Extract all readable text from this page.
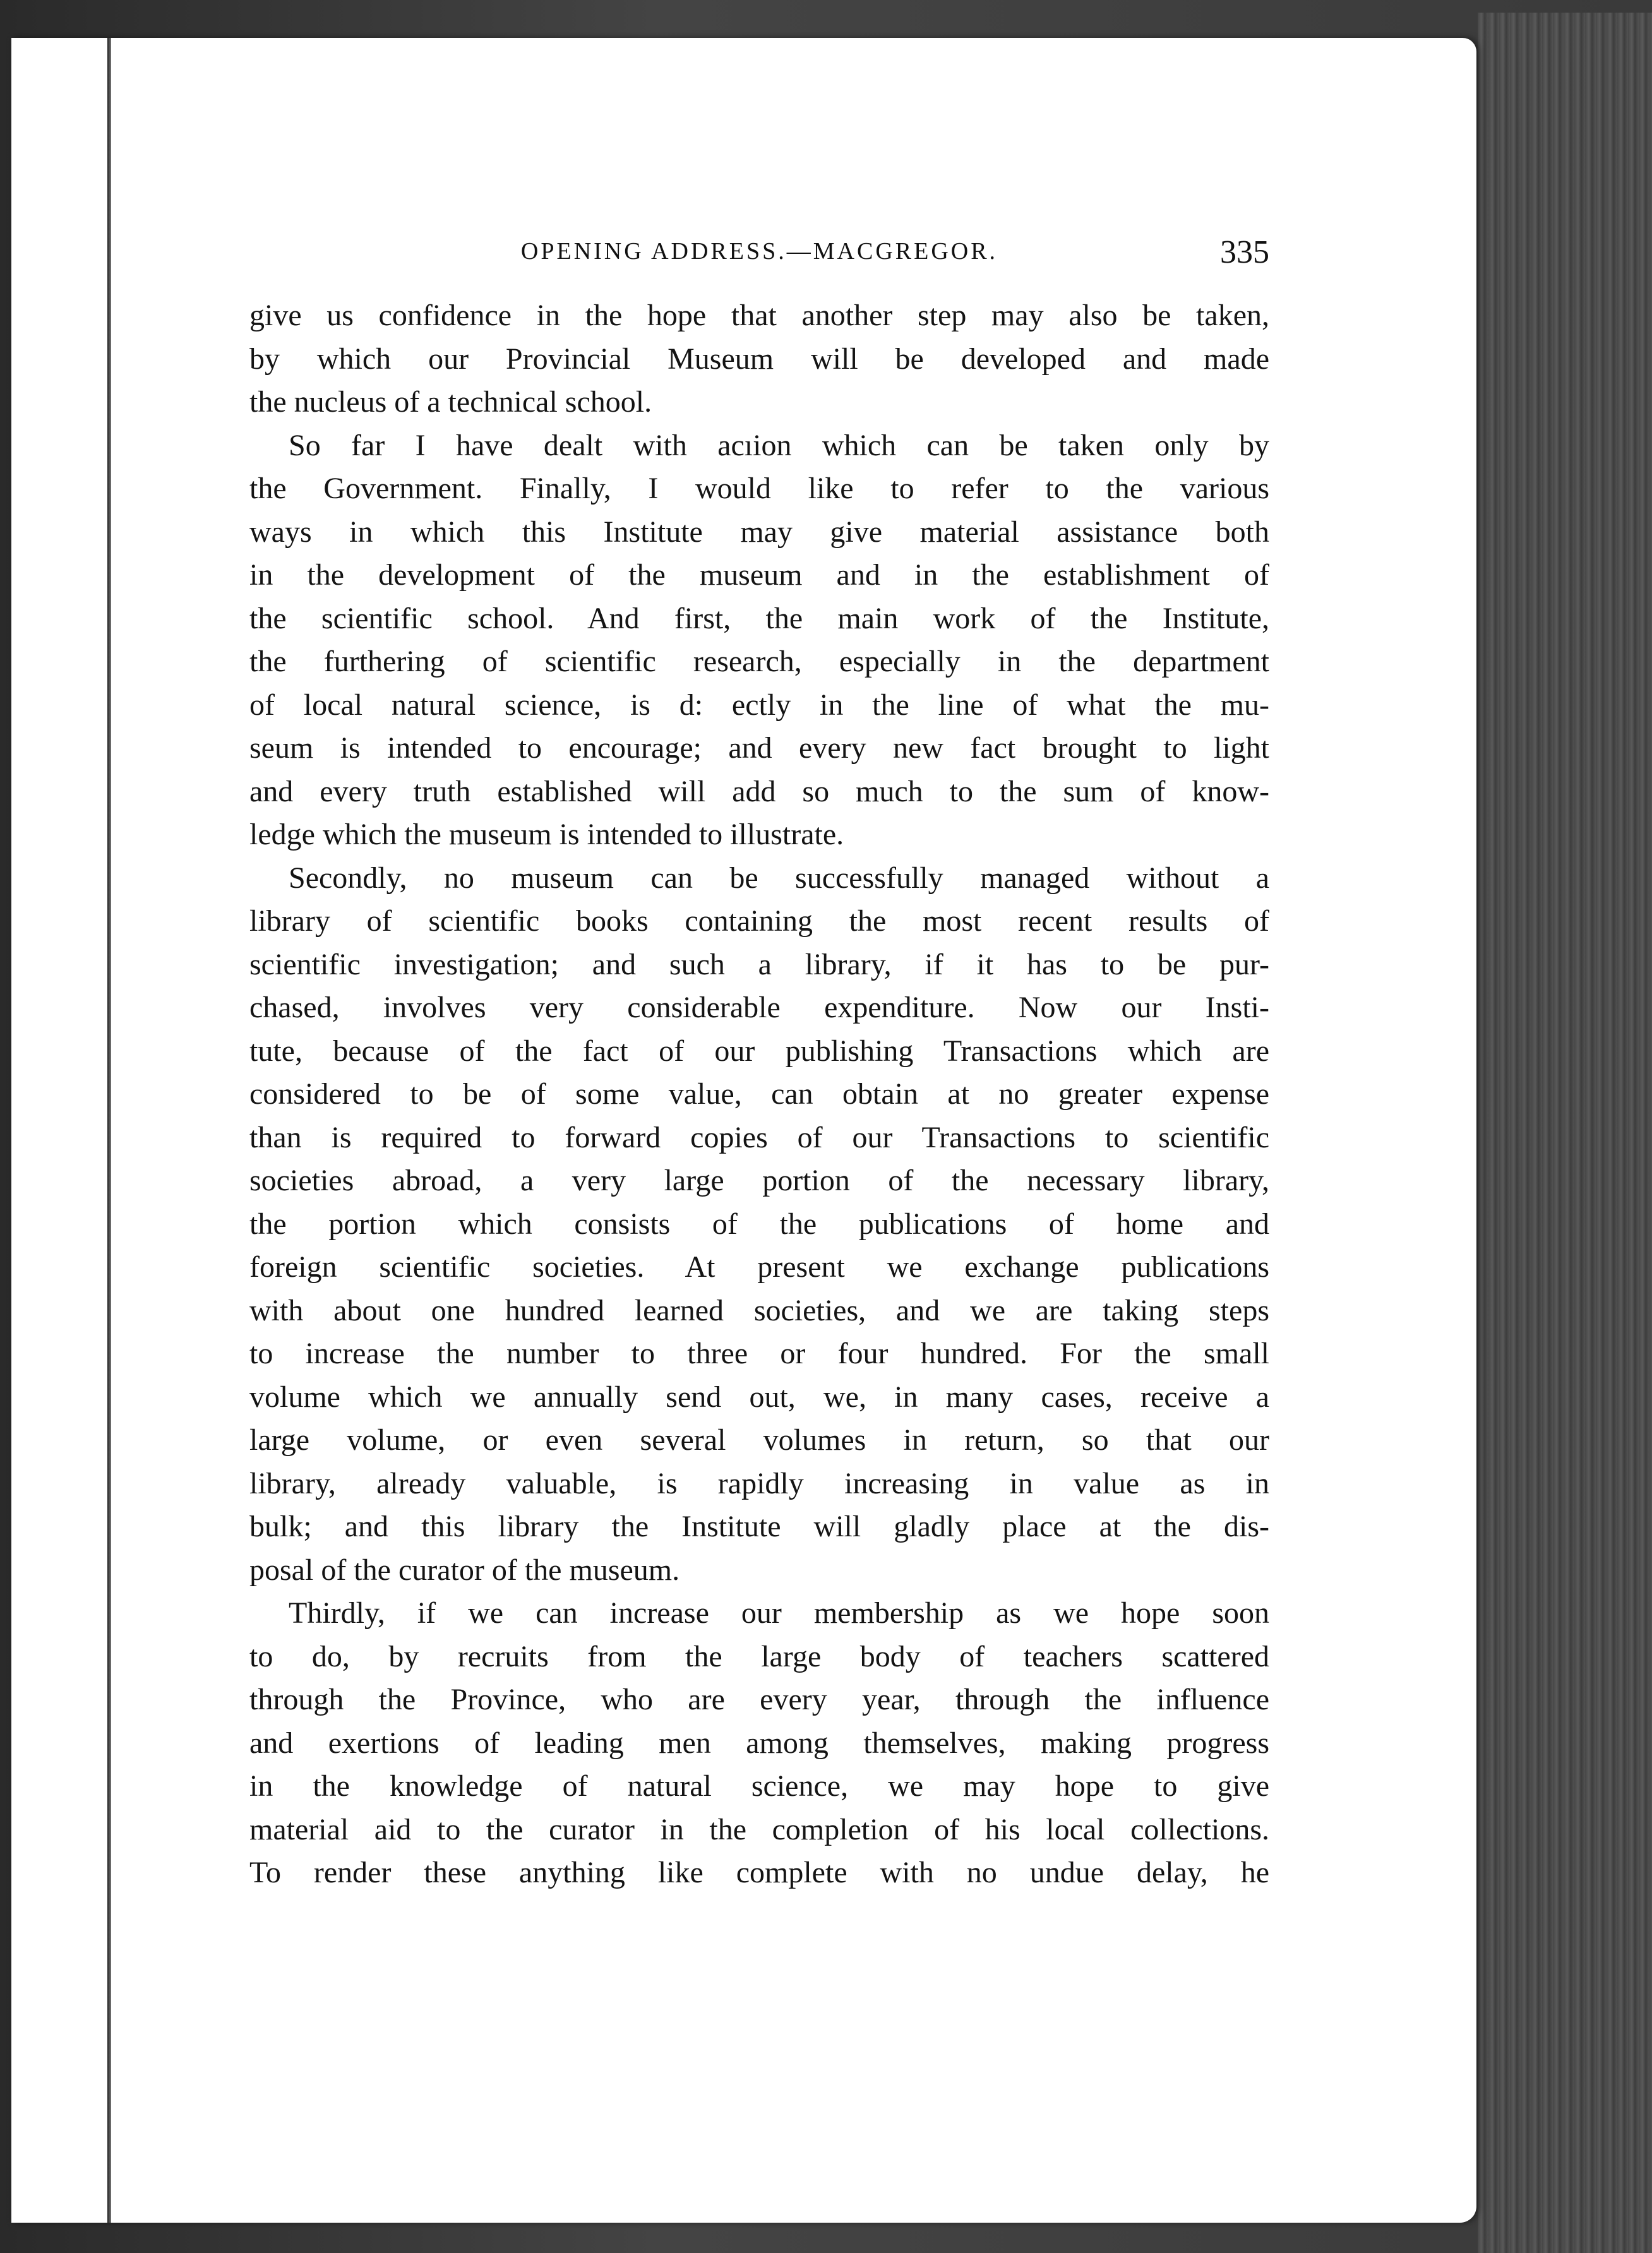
OPENING ADDRESS.—MACGREGOR.	335
give us confidence in the hope that another step may also be taken,
by which our Provincial Museum will be developed and made
the nucleus of a technical school.
So far I have dealt with acıion which can be taken only by
the Government. Finally, I would like to refer to the various
ways in which this Institute may give material assistance both
in the development of the museum and in the establishment of
the scientific school. And first, the main work of the Institute,
the furthering of scientific research, especially in the department
of local natural science, is d: ectly in the line of what the mu-
seum is intended to encourage; and every new fact brought to light
and every truth established will add so much to the sum of know-
ledge which the museum is intended to illustrate.
Secondly, no museum can be successfully managed without a
library of scientific books containing the most recent results of
scientific investigation; and such a library, if it has to be pur-
chased, involves very considerable expenditure. Now our Insti-
tute, because of the fact of our publishing Transactions which are
considered to be of some value, can obtain at no greater expense
than is required to forward copies of our Transactions to scientific
societies abroad, a very large portion of the necessary library,
the portion which consists of the publications of home and
foreign scientific societies. At present we exchange publications
with about one hundred learned societies, and we are taking steps
to increase the number to three or four hundred. For the small
volume which we annually send out, we, in many cases, receive a
large volume, or even several volumes in return, so that our
library, already valuable, is rapidly increasing in value as in
bulk; and this library the Institute will gladly place at the dis-
posal of the curator of the museum.
Thirdly, if we can increase our membership as we hope soon
to do, by recruits from the large body of teachers scattered
through the Province, who are every year, through the influence
and exertions of leading men among themselves, making progress
in the knowledge of natural science, we may hope to give
material aid to the curator in the completion of his local collections.
To render these anything like complete with no undue delay, he
